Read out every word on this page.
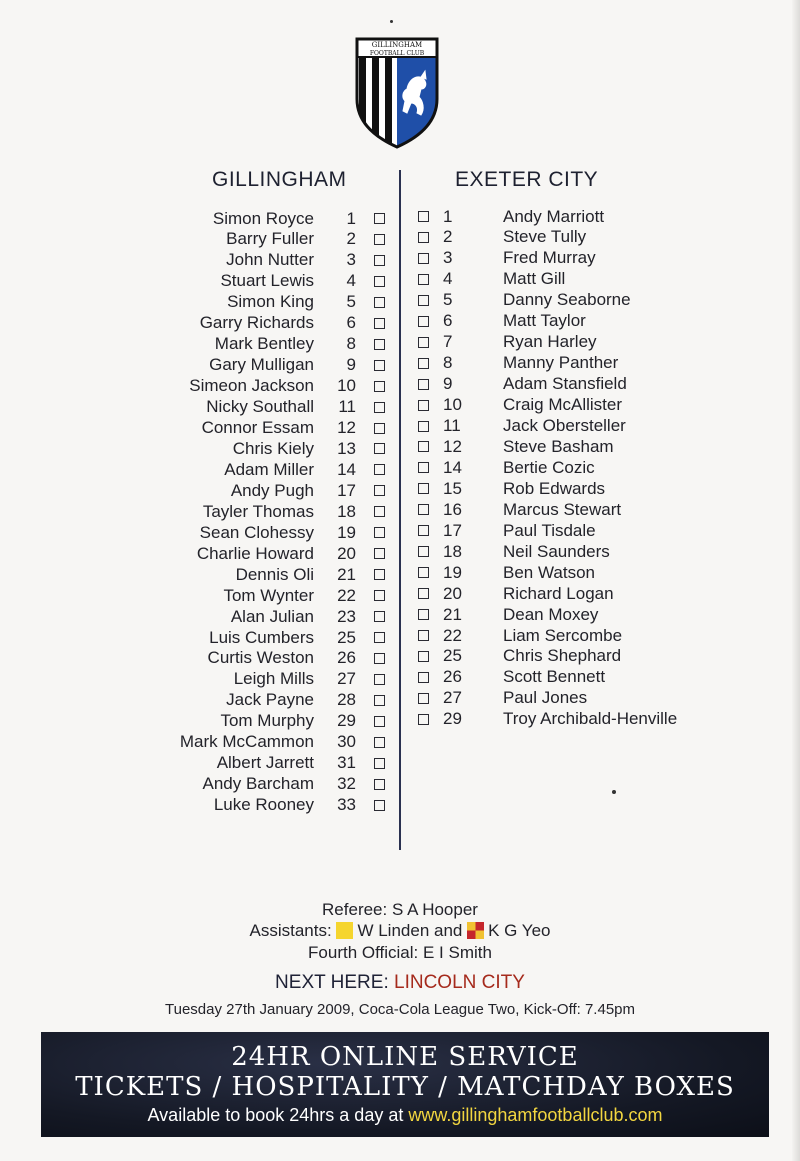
GILLINGHAM
FOOTBALL CLUB
GILLINGHAM	EXETER CITY
Simon Royce	1
Barry Fuller	2
John Nutter	3
Stuart Lewis	4
Simon King	5
Garry Richards	6
Mark Bentley	8
Gary Mulligan	9
Simeon Jackson	10
Nicky Southall	11
Connor Essam	12
Chris Kiely	13
Adam Miller	14
Andy Pugh	17
Tayler Thomas	18
Sean Clohessy	19
Charlie Howard	20
Dennis Oli	21
Tom Wynter	22
Alan Julian	23
Luis Cumbers	25
Curtis Weston	26
Leigh Mills	27
Jack Payne	28
Tom Murphy	29
Mark McCammon	30
Albert Jarrett	31
Andy Barcham	32
Luke Rooney	33
1	Andy Marriott
2	Steve Tully
3	Fred Murray
4	Matt Gill
5	Danny Seaborne
6	Matt Taylor
7	Ryan Harley
8	Manny Panther
9	Adam Stansfield
10	Craig McAllister
11	Jack Obersteller
12	Steve Basham
14	Bertie Cozic
15	Rob Edwards
16	Marcus Stewart
17	Paul Tisdale
18	Neil Saunders
19	Ben Watson
20	Richard Logan
21	Dean Moxey
22	Liam Sercombe
25	Chris Shephard
26	Scott Bennett
27	Paul Jones
29	Troy Archibald-Henville
Referee: S A Hooper
Assistants: W Linden and K G Yeo
Fourth Official: E I Smith
NEXT HERE: LINCOLN CITY
Tuesday 27th January 2009, Coca-Cola League Two, Kick-Off: 7.45pm
24HR ONLINE SERVICE
TICKETS / HOSPITALITY / MATCHDAY BOXES
Available to book 24hrs a day at www.gillinghamfootballclub.com
